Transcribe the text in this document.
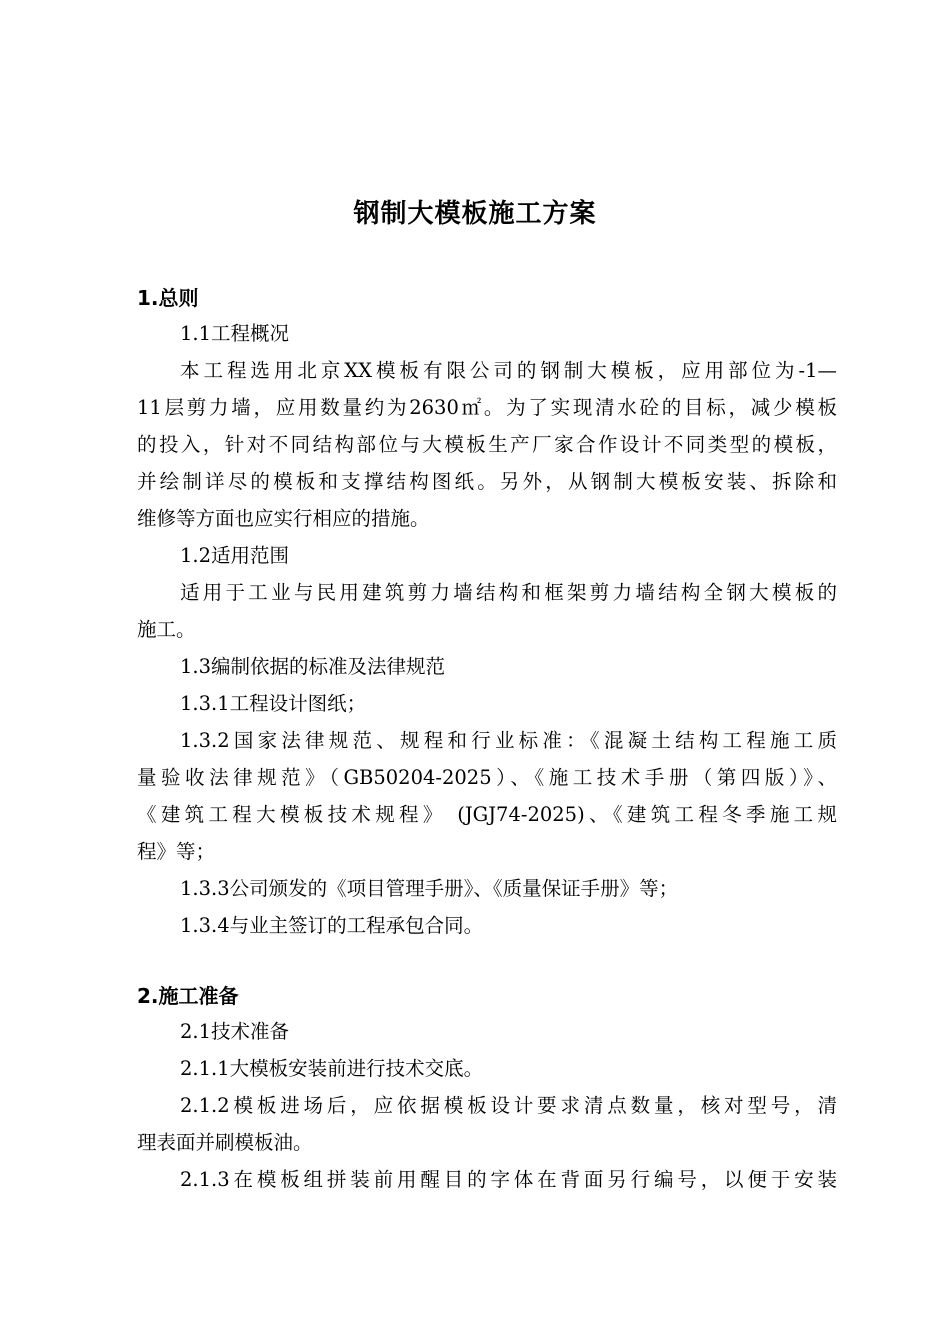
钢制大模板施工方案
1.总则
1.1工程概况
本工程选用北京XX模板有限公司的钢制大模板，应用部位为-1—
11层剪力墙，应用数量约为2630㎡。为了实现清水砼的目标，减少模板
的投入，针对不同结构部位与大模板生产厂家合作设计不同类型的模板，
并绘制详尽的模板和支撑结构图纸。另外，从钢制大模板安装、拆除和
维修等方面也应实行相应的措施。
1.2适用范围
适用于工业与民用建筑剪力墙结构和框架剪力墙结构全钢大模板的
施工。
1.3编制依据的标准及法律规范
1.3.1工程设计图纸；
1.3.2国家法律规范、规程和行业标准：《混凝土结构工程施工质
量验收法律规范》（GB50204-2025）、《施工技术手册（第四版）》、
《建筑工程大模板技术规程》 (JGJ74-2025)、《建筑工程冬季施工规
程》等；
1.3.3公司颁发的《项目管理手册》、《质量保证手册》等；
1.3.4与业主签订的工程承包合同。
2.施工准备
2.1技术准备
2.1.1大模板安装前进行技术交底。
2.1.2模板进场后，应依据模板设计要求清点数量，核对型号，清
理表面并刷模板油。
2.1.3在模板组拼装前用醒目的字体在背面另行编号，以便于安装
